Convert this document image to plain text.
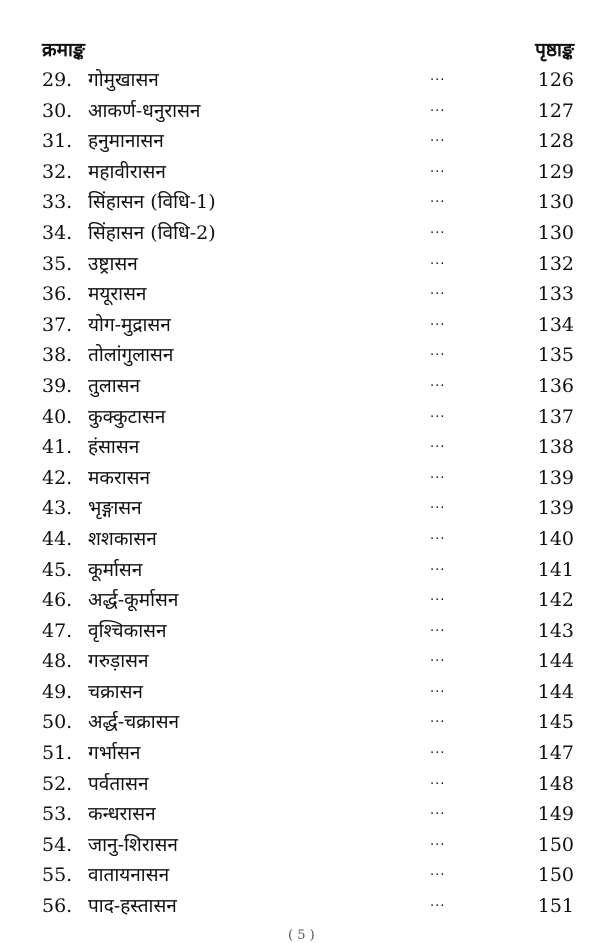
क्रमाङ्क	पृष्ठाङ्क
29. गोमुखासन	...	126
30. आकर्ण-धनुरासन	...	127
31. हनुमानासन	...	128
32. महावीरासन	...	129
33. सिंहासन (विधि-1)	...	130
34. सिंहासन (विधि-2)	...	130
35. उष्ट्रासन	...	132
36. मयूरासन	...	133
37. योग-मुद्रासन	...	134
38. तोलांगुलासन	...	135
39. तुलासन	...	136
40. कुक्कुटासन	...	137
41. हंसासन	...	138
42. मकरासन	...	139
43. भृङ्गासन	...	139
44. शशकासन	...	140
45. कूर्मासन	...	141
46. अर्द्ध-कूर्मासन	...	142
47. वृश्चिकासन	...	143
48. गरुड़ासन	...	144
49. चक्रासन	...	144
50. अर्द्ध-चक्रासन	...	145
51. गर्भासन	...	147
52. पर्वतासन	...	148
53. कन्धरासन	...	149
54. जानु-शिरासन	...	150
55. वातायनासन	...	150
56. पाद-हस्तासन	...	151
( 5 )
